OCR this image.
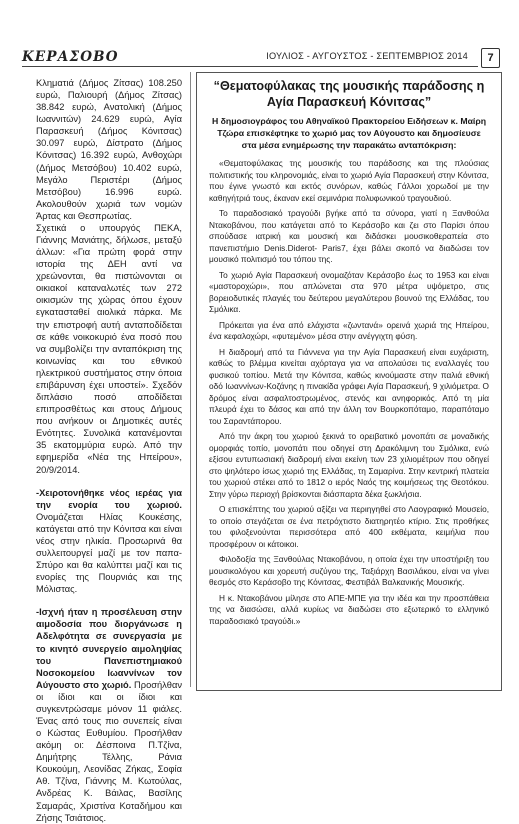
ΚΕΡΑΣΟΒΟ	ΙΟΥΛΙΟΣ - ΑΥΓΟΥΣΤΟΣ - ΣΕΠΤΕΜΒΡΙΟΣ 2014	7

Κληματιά (Δήμος Ζίτσας) 108.250 ευρώ, Παλιουρή (Δήμος Ζίτσας) 38.842 ευρώ, Ανατολική (Δήμος Ιωαννιτών) 24.629 ευρώ, Αγία Παρασκευή (Δήμος Κόνιτσας) 30.097 ευρώ, Δίστρατο (Δήμος Κόνιτσας) 16.392 ευρώ, Ανθοχώρι (Δήμος Μετσόβου) 10.402 ευρώ, Μεγάλο Περιστέρι (Δήμος Μετσόβου) 16.996 ευρώ. Ακολουθούν χωριά των νομών Άρτας και Θεσπρωτίας.

Σχετικά ο υπουργός ΠΕΚΑ, Γιάννης Μανιάτης, δήλωσε, μεταξύ άλλων: «Για πρώτη φορά στην ιστορία της ΔΕΗ αντί να χρεώνονται, θα πιστώνονται οι οικιακοί καταναλωτές των 272 οικισμών της χώρας όπου έχουν εγκατασταθεί αιολικά πάρκα. Με την επιστροφή αυτή ανταποδίδεται σε κάθε νοικοκυριό ένα ποσό που να συμβολίζει την ανταπόκριση της κοινωνίας και του εθνικού ηλεκτρικού συστήματος στην όποια επιβάρυνση έχει υποστεί». Σχεδόν διπλάσιο ποσό αποδίδεται επιπροσθέτως και στους Δήμους που ανήκουν οι Δημοτικές αυτές Ενότητες. Συνολικά κατανέμονται 35 εκατομμύρια ευρώ. Από την εφημερίδα «Νέα της Ηπείρου», 20/9/2014.

-Χειροτονήθηκε νέος ιερέας για την ενορία του χωριού. Ονομάζεται Ηλίας Κουκέσης, κατάγεται από την Κόνιτσα και είναι νέος στην ηλικία. Προσωρινά θα συλλειτουργεί μαζί με τον παπα-Σπύρο και θα καλύπτει μαζί και τις ενορίες της Πουρνιάς και της Μόλιστας.

-Ισχνή ήταν η προσέλευση στην αιμοδοσία που διοργάνωσε η Αδελφότητα σε συνεργασία με το κινητό συνεργείο αιμοληψίας του Πανεπιστημιακού Νοσοκομείου Ιωαννίνων τον Αύγουστο στο χωριό. Προσήλθαν οι ίδιοι και οι ίδιοι και συγκεντρώσαμε μόνον 11 φιάλες. Ένας από τους πιο συνεπείς είναι ο Κώστας Ευθυμίου. Προσήλθαν ακόμη οι: Δέσποινα Π.Τζίνα, Δημήτρης Τέλλης, Ράνια Κουκούμη, Λεονίδας Ζήκας, Σοφία Αθ. Τζίνα, Γιάννης Μ. Κωτούλας, Ανδρέας Κ. Βάιλας, Βασίλης Σαμαράς, Χριστίνα Κοταδήμου και Ζήσης Τσιάτσιος.

“Θεματοφύλακας της μουσικής παράδοσης η Αγία Παρασκευή Κόνιτσας”
Η δημοσιογράφος του Αθηναϊκού Πρακτορείου Ειδήσεων κ. Μαίρη Τζώρα επισκέφτηκε το χωριό μας τον Αύγουστο και δημοσίευσε στα μέσα ενημέρωσης την παρακάτω ανταπόκριση:

«Θεματοφύλακας της μουσικής του παράδοσης και της πλούσιας πολιτιστικής του κληρονομιάς, είναι το χωριό Αγία Παρασκευή στην Κόνιτσα, που έγινε γνωστό και εκτός συνόρων, καθώς Γάλλοι χορωδοί με την καθηγήτριά τους, έκαναν εκεί σεμινάρια πολυφωνικού τραγουδιού.

Το παραδοσιακό τραγούδι βγήκε από τα σύνορα, γιατί η Ξανθούλα Ντακοβάνου, που κατάγεται από το Κεράσοβο και ζει στο Παρίσι όπου σπούδασε ιατρική και μουσική και διδάσκει μουσικοθεραπεία στο πανεπιστήμιο Denis.Diderot- Paris7, έχει βάλει σκοπό να διαδώσει τον μουσικό πολιτισμό του τόπου της.

Το χωριό Αγία Παρασκευή ονομαζόταν Κεράσοβο έως το 1953 και είναι «μαστοροχώρι», που απλώνεται στα 970 μέτρα υψόμετρο, στις βορειοδυτικές πλαγιές του δεύτερου μεγαλύτερου βουνού της Ελλάδας, του Σμόλικα.

Πρόκειται για ένα από ελάχιστα «ζωντανά» ορεινά χωριά της Ηπείρου, ένα κεφαλοχώρι, «φυτεμένο» μέσα στην ανέγγιχτη φύση.

Η διαδρομή από τα Γιάννενα για την Αγία Παρασκευή είναι ευχάριστη, καθώς το βλέμμα κινείται αχόρταγα για να απολαύσει τις εναλλαγές του φυσικού τοπίου. Μετά την Κόνιτσα, καθώς κινούμαστε στην παλιά εθνική οδό Ιωαννίνων-Κοζάνης η πινακίδα γράφει Αγία Παρασκευή, 9 χιλιόμετρα. Ο δρόμος είναι ασφαλτοστρωμένος, στενός και ανηφορικός. Από τη μία πλευρά έχει το δάσος και από την άλλη τον Βουρκοπόταμο, παραπόταμο του Σαραντάπορου.

Από την άκρη του χωριού ξεκινά το ορειβατικό μονοπάτι σε μοναδικής ομορφιάς τοπίο, μονοπάτι που οδηγεί στη Δρακόλιμνη του Σμόλικα, ενώ εξίσου εντυπωσιακή διαδρομή είναι εκείνη των 23 χιλιομέτρων που οδηγεί στο ψηλότερο ίσως χωριό της Ελλάδας, τη Σαμαρίνα. Στην κεντρική πλατεία του χωριού στέκει από το 1812 ο ιερός Ναός της κοιμήσεως της Θεοτόκου. Στην γύρω περιοχή βρίσκονται διάσπαρτα δέκα ξωκλήσια.

Ο επισκέπτης του χωριού αξίζει να περιηγηθεί στο Λαογραφικό Μουσείο, το οποίο στεγάζεται σε ένα πετρόχτιστο διατηρητέο κτίριο. Στις προθήκες του φιλοξενούνται περισσότερα από 400 εκθέματα, κειμήλια που προσφέρουν οι κάτοικοι.

Φιλοδοξία της Ξανθούλας Ντακοβάνου, η οποία έχει την υποστήριξη του μουσικολόγου και χορευτή συζύγου της, Ταξιάρχη Βασιλάκου, είναι να γίνει θεσμός στο Κεράσοβο της Κόνιτσας, Φεστιβάλ Βαλκανικής Μουσικής.

Η κ. Ντακοβάνου μίλησε στο ΑΠΕ-ΜΠΕ για την ιδέα και την προσπάθεια της να διασώσει, αλλά κυρίως να διαδώσει στο εξωτερικό το ελληνικό παραδοσιακό τραγούδι.»
